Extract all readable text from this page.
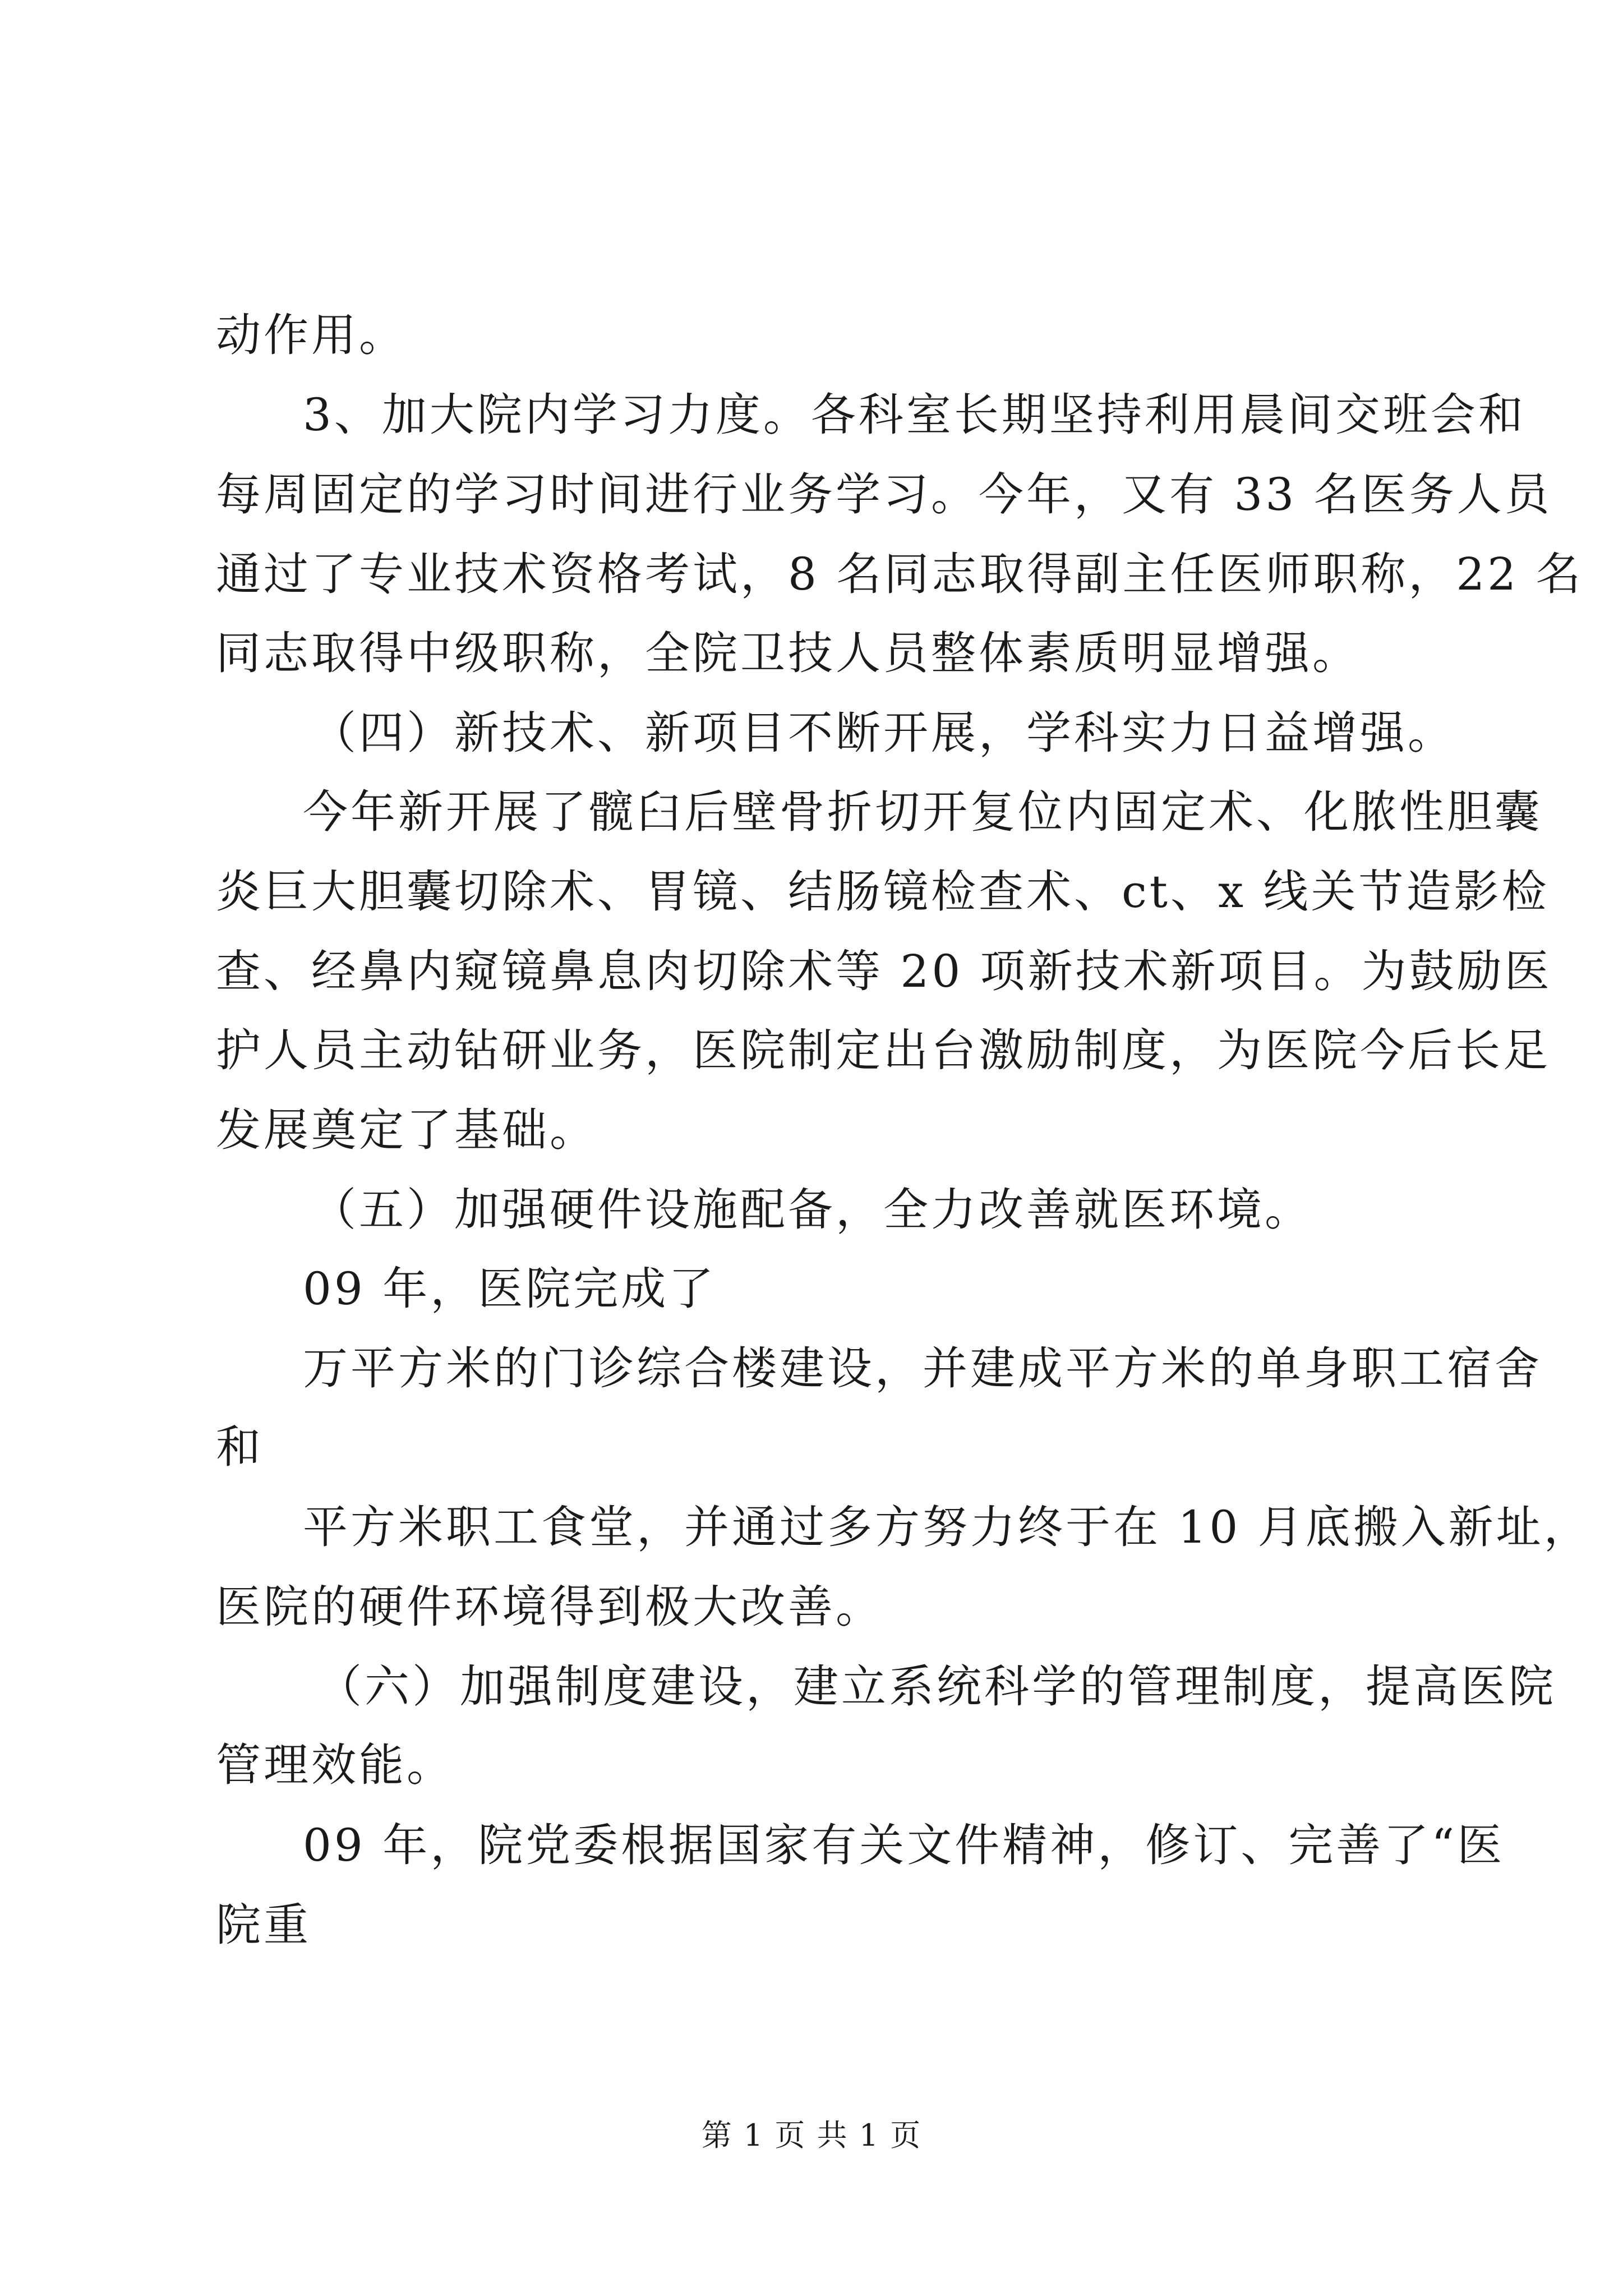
动作用。
3、加大院内学习力度。各科室长期坚持利用晨间交班会和
每周固定的学习时间进行业务学习。今年，又有 33 名医务人员
通过了专业技术资格考试，8 名同志取得副主任医师职称，22 名
同志取得中级职称，全院卫技人员整体素质明显增强。
（四）新技术、新项目不断开展，学科实力日益增强。
今年新开展了髋臼后壁骨折切开复位内固定术、化脓性胆囊
炎巨大胆囊切除术、胃镜、结肠镜检查术、ct、x 线关节造影检
查、经鼻内窥镜鼻息肉切除术等 20 项新技术新项目。为鼓励医
护人员主动钻研业务，医院制定出台激励制度，为医院今后长足
发展奠定了基础。
（五）加强硬件设施配备，全力改善就医环境。
09 年，医院完成了
万平方米的门诊综合楼建设，并建成平方米的单身职工宿舍
和
平方米职工食堂，并通过多方努力终于在 10 月底搬入新址，
医院的硬件环境得到极大改善。
（六）加强制度建设，建立系统科学的管理制度，提高医院
管理效能。
09 年，院党委根据国家有关文件精神，修订、完善了“医
院重
第 1 页 共 1 页
